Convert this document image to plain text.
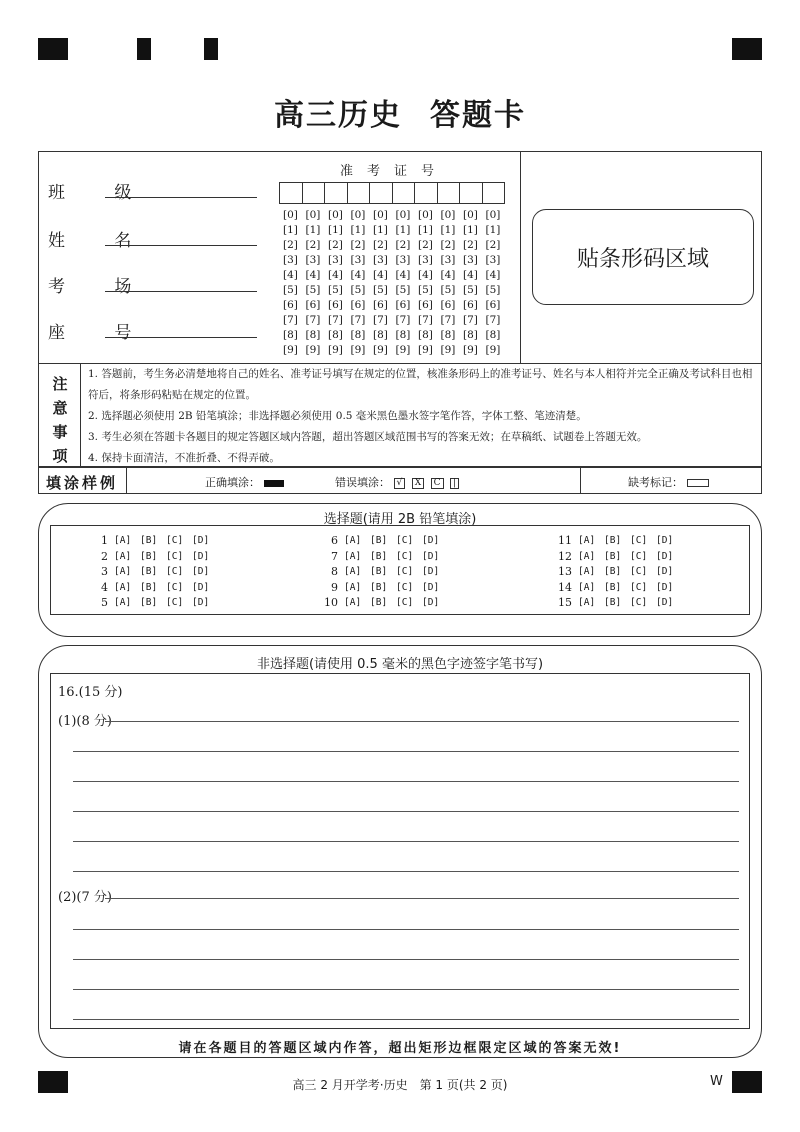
高三历史 答题卡
班 级
姓 名
考 场
座 号
准考证号
[0] [0] [0] [0] [0] [0] [0] [0] [0] [0]
[1] [1] [1] [1] [1] [1] [1] [1] [1] [1]
[2] [2] [2] [2] [2] [2] [2] [2] [2] [2]
[3] [3] [3] [3] [3] [3] [3] [3] [3] [3]
[4] [4] [4] [4] [4] [4] [4] [4] [4] [4]
[5] [5] [5] [5] [5] [5] [5] [5] [5] [5]
[6] [6] [6] [6] [6] [6] [6] [6] [6] [6]
[7] [7] [7] [7] [7] [7] [7] [7] [7] [7]
[8] [8] [8] [8] [8] [8] [8] [8] [8] [8]
[9] [9] [9] [9] [9] [9] [9] [9] [9] [9]
贴条形码区域
注意事项
1. 答题前，考生务必清楚地将自己的姓名、准考证号填写在规定的位置，核准条形码上的准考证号、姓名与本人相符并完全正确及考试科目也相符后，将条形码粘贴在规定的位置。
2. 选择题必须使用 2B 铅笔填涂；非选择题必须使用 0.5 毫米黑色墨水签字笔作答，字体工整、笔迹清楚。
3. 考生必须在答题卡各题目的规定答题区域内答题，超出答题区域范围书写的答案无效；在草稿纸、试题卷上答题无效。
4. 保持卡面清洁，不准折叠、不得弄破。
填涂样例	正确填涂：	错误填涂： √ X C |	缺考标记：
选择题(请用 2B 铅笔填涂)
1 [A] [B] [C] [D]
2 [A] [B] [C] [D]
3 [A] [B] [C] [D]
4 [A] [B] [C] [D]
5 [A] [B] [C] [D]
6 [A] [B] [C] [D]
7 [A] [B] [C] [D]
8 [A] [B] [C] [D]
9 [A] [B] [C] [D]
10 [A] [B] [C] [D]
11 [A] [B] [C] [D]
12 [A] [B] [C] [D]
13 [A] [B] [C] [D]
14 [A] [B] [C] [D]
15 [A] [B] [C] [D]
非选择题(请使用 0.5 毫米的黑色字迹签字笔书写)
16.(15 分)
(1)(8 分)
(2)(7 分)
请在各题目的答题区域内作答，超出矩形边框限定区域的答案无效!
高三 2 月开学考·历史　第 1 页(共 2 页)	W
